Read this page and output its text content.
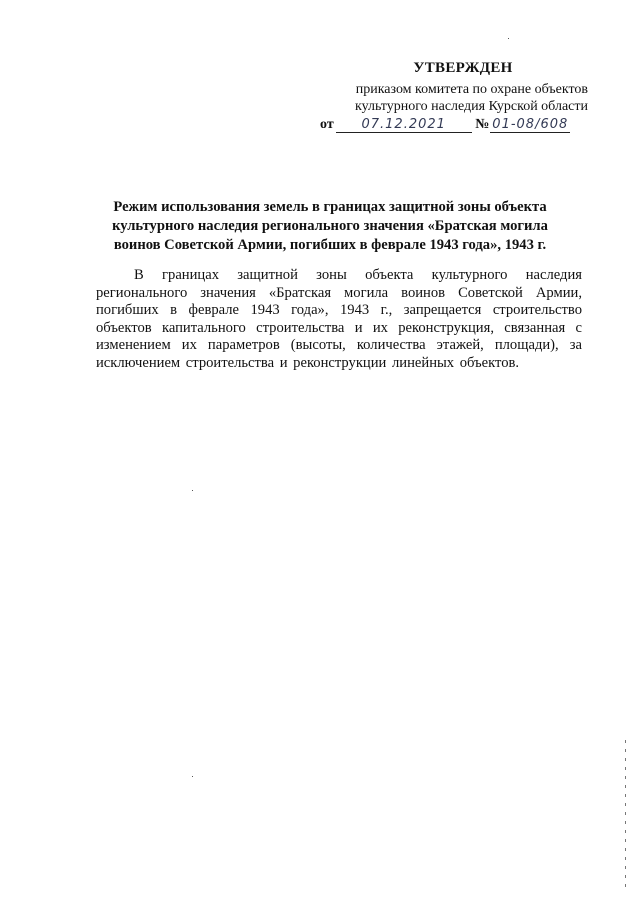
УТВЕРЖДЕН
приказом комитета по охране объектов
культурного наследия Курской области
от 07.12.2021 № 01-08/608
Режим использования земель в границах защитной зоны объекта культурного наследия регионального значения «Братская могила воинов Советской Армии, погибших в феврале 1943 года», 1943 г.
В границах защитной зоны объекта культурного наследия регионального значения «Братская могила воинов Советской Армии, погибших в феврале 1943 года», 1943 г., запрещается строительство объектов капитального строительства и их реконструкция, связанная с изменением их параметров (высоты, количества этажей, площади), за исключением строительства и реконструкции линейных объектов.
